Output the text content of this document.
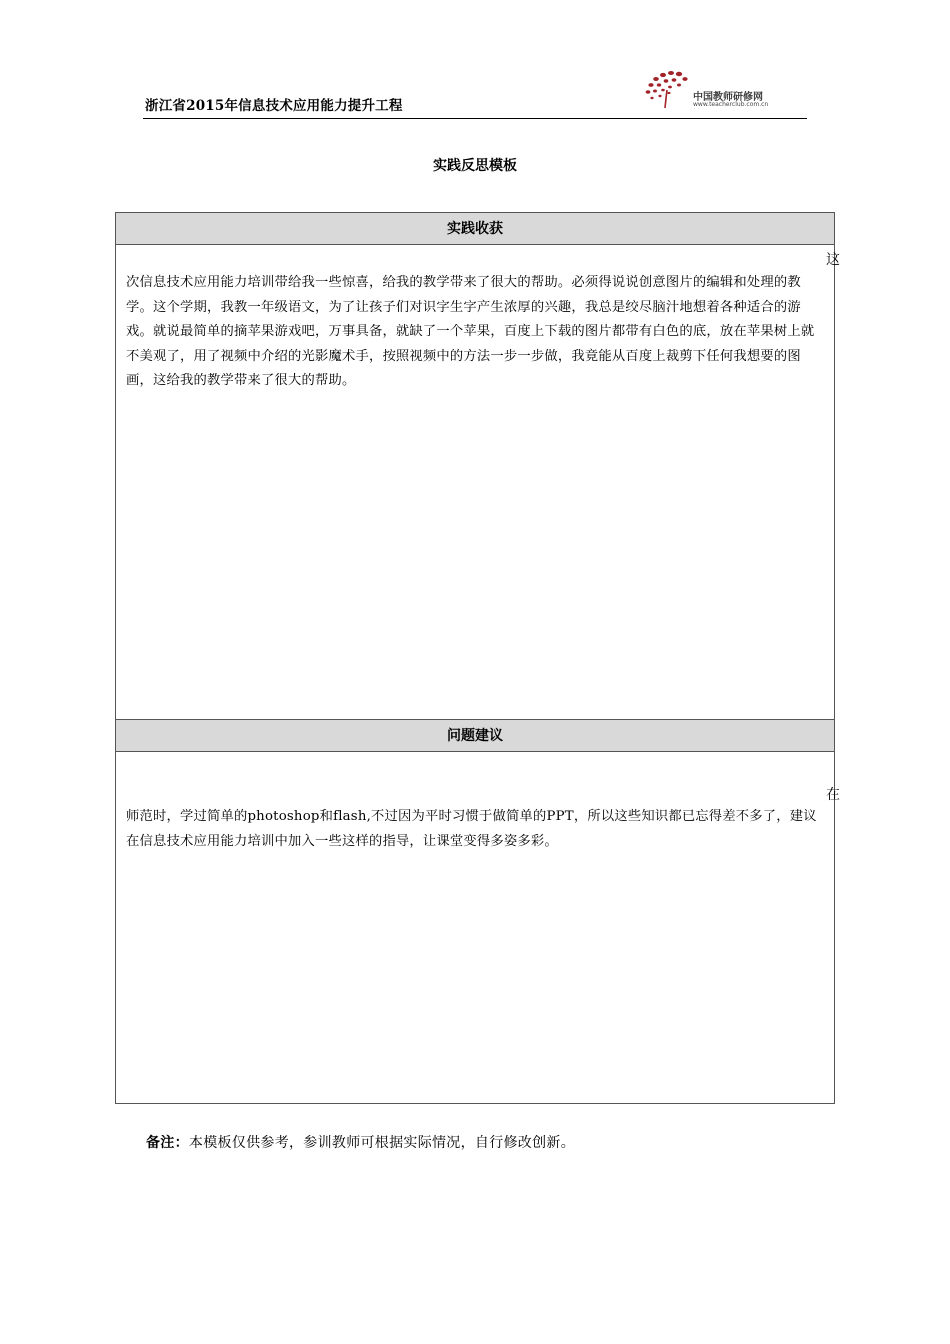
浙江省2015年信息技术应用能力提升工程
中国教师研修网
www.teacherclub.com.cn
实践反思模板
实践收获
次信息技术应用能力培训带给我一些惊喜，给我的教学带来了很大的帮助。必须得说说创意图片的编辑和处理的教学。这个学期，我教一年级语文，为了让孩子们对识字生字产生浓厚的兴趣，我总是绞尽脑汁地想着各种适合的游戏。就说最简单的摘苹果游戏吧，万事具备，就缺了一个苹果，百度上下载的图片都带有白色的底，放在苹果树上就不美观了，用了视频中介绍的光影魔术手，按照视频中的方法一步一步做，我竟能从百度上裁剪下任何我想要的图画，这给我的教学带来了很大的帮助。
问题建议
师范时，学过简单的photoshop和flash,不过因为平时习惯于做简单的PPT，所以这些知识都已忘得差不多了，建议在信息技术应用能力培训中加入一些这样的指导，让课堂变得多姿多彩。
这
在
备注：本模板仅供参考，参训教师可根据实际情况，自行修改创新。
